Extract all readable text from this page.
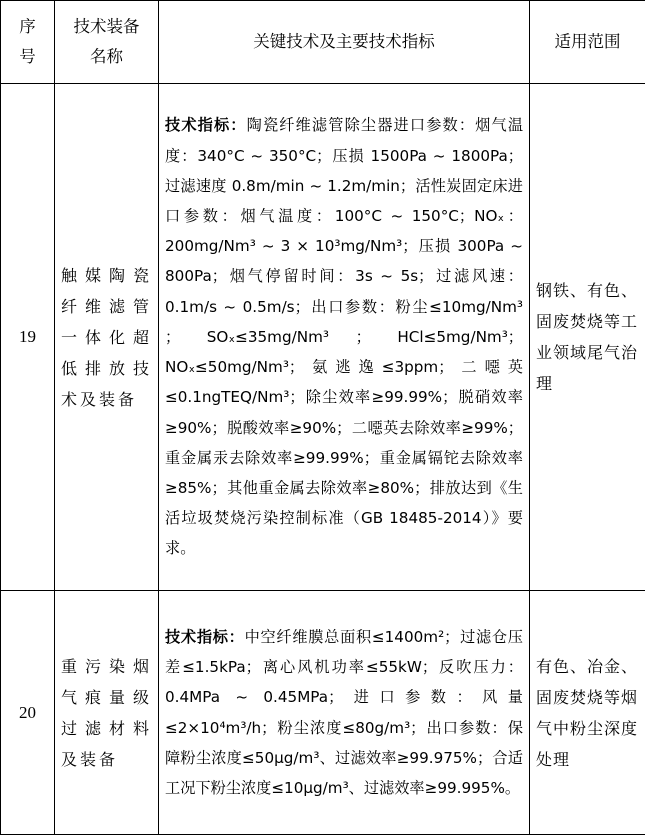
序号	技术装备名称	关键技术及主要技术指标	适用范围
19	触媒陶瓷纤维滤管一体化超低排放技术及装备	技术指标：陶瓷纤维滤管除尘器进口参数：烟气温度：340°C ~ 350°C；压损 1500Pa ~ 1800Pa；过滤速度 0.8m/min ~ 1.2m/min；活性炭固定床进口参数：烟气温度：100°C ~ 150°C；NOₓ：200mg/Nm³ ~ 3 × 10³mg/Nm³；压损 300Pa ~ 800Pa；烟气停留时间：3s ~ 5s；过滤风速：0.1m/s ~ 0.5m/s；出口参数：粉尘≤10mg/Nm³ ； SOₓ≤35mg/Nm³ ； HCl≤5mg/Nm³；NOₓ≤50mg/Nm³；氨逃逸≤3ppm；二噁英≤0.1ngTEQ/Nm³；除尘效率≥99.99%；脱硝效率≥90%；脱酸效率≥90%；二噁英去除效率≥99%；重金属汞去除效率≥99.99%；重金属镉铊去除效率≥85%；其他重金属去除效率≥80%；排放达到《生活垃圾焚烧污染控制标准（GB 18485-2014）》要求。	钢铁、有色、固废焚烧等工业领域尾气治理
20	重污染烟气痕量级过滤材料及装备	技术指标：中空纤维膜总面积≤1400m²；过滤仓压差≤1.5kPa；离心风机功率≤55kW；反吹压力：0.4MPa ~ 0.45MPa；进口参数：风量≤2×10⁴m³/h；粉尘浓度≤80g/m³；出口参数：保障粉尘浓度≤50μg/m³、过滤效率≥99.975%；合适工况下粉尘浓度≤10μg/m³、过滤效率≥99.995%。	有色、冶金、固废焚烧等烟气中粉尘深度处理
